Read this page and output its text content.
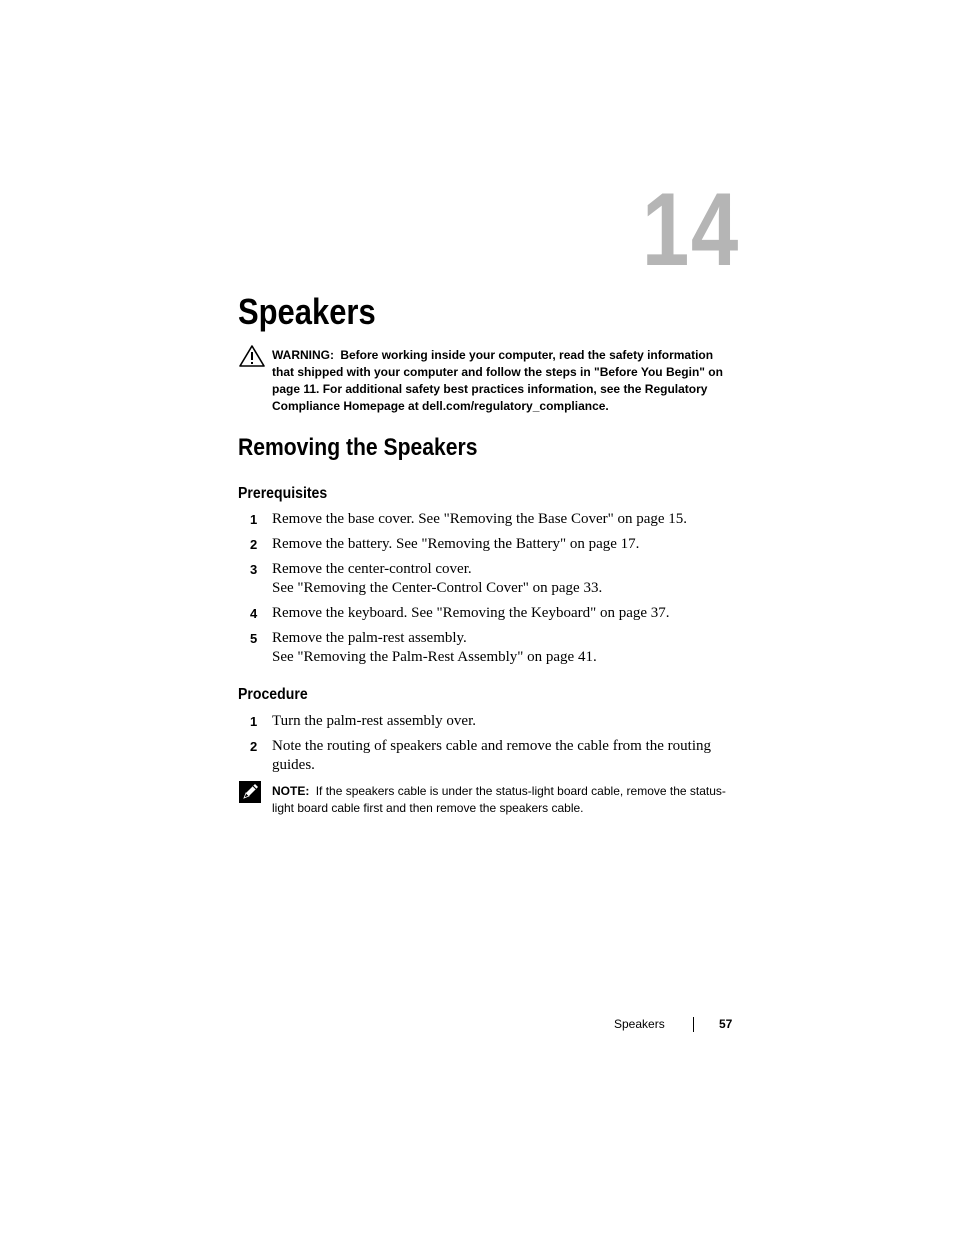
14
Speakers
WARNING: Before working inside your computer, read the safety information that shipped with your computer and follow the steps in "Before You Begin" on page 11. For additional safety best practices information, see the Regulatory Compliance Homepage at dell.com/regulatory_compliance.
Removing the Speakers
Prerequisites
1 Remove the base cover. See "Removing the Base Cover" on page 15.
2 Remove the battery. See "Removing the Battery" on page 17.
3 Remove the center-control cover.
See "Removing the Center-Control Cover" on page 33.
4 Remove the keyboard. See "Removing the Keyboard" on page 37.
5 Remove the palm-rest assembly.
See "Removing the Palm-Rest Assembly" on page 41.
Procedure
1 Turn the palm-rest assembly over.
2 Note the routing of speakers cable and remove the cable from the routing guides.
NOTE: If the speakers cable is under the status-light board cable, remove the status-light board cable first and then remove the speakers cable.
Speakers	57
